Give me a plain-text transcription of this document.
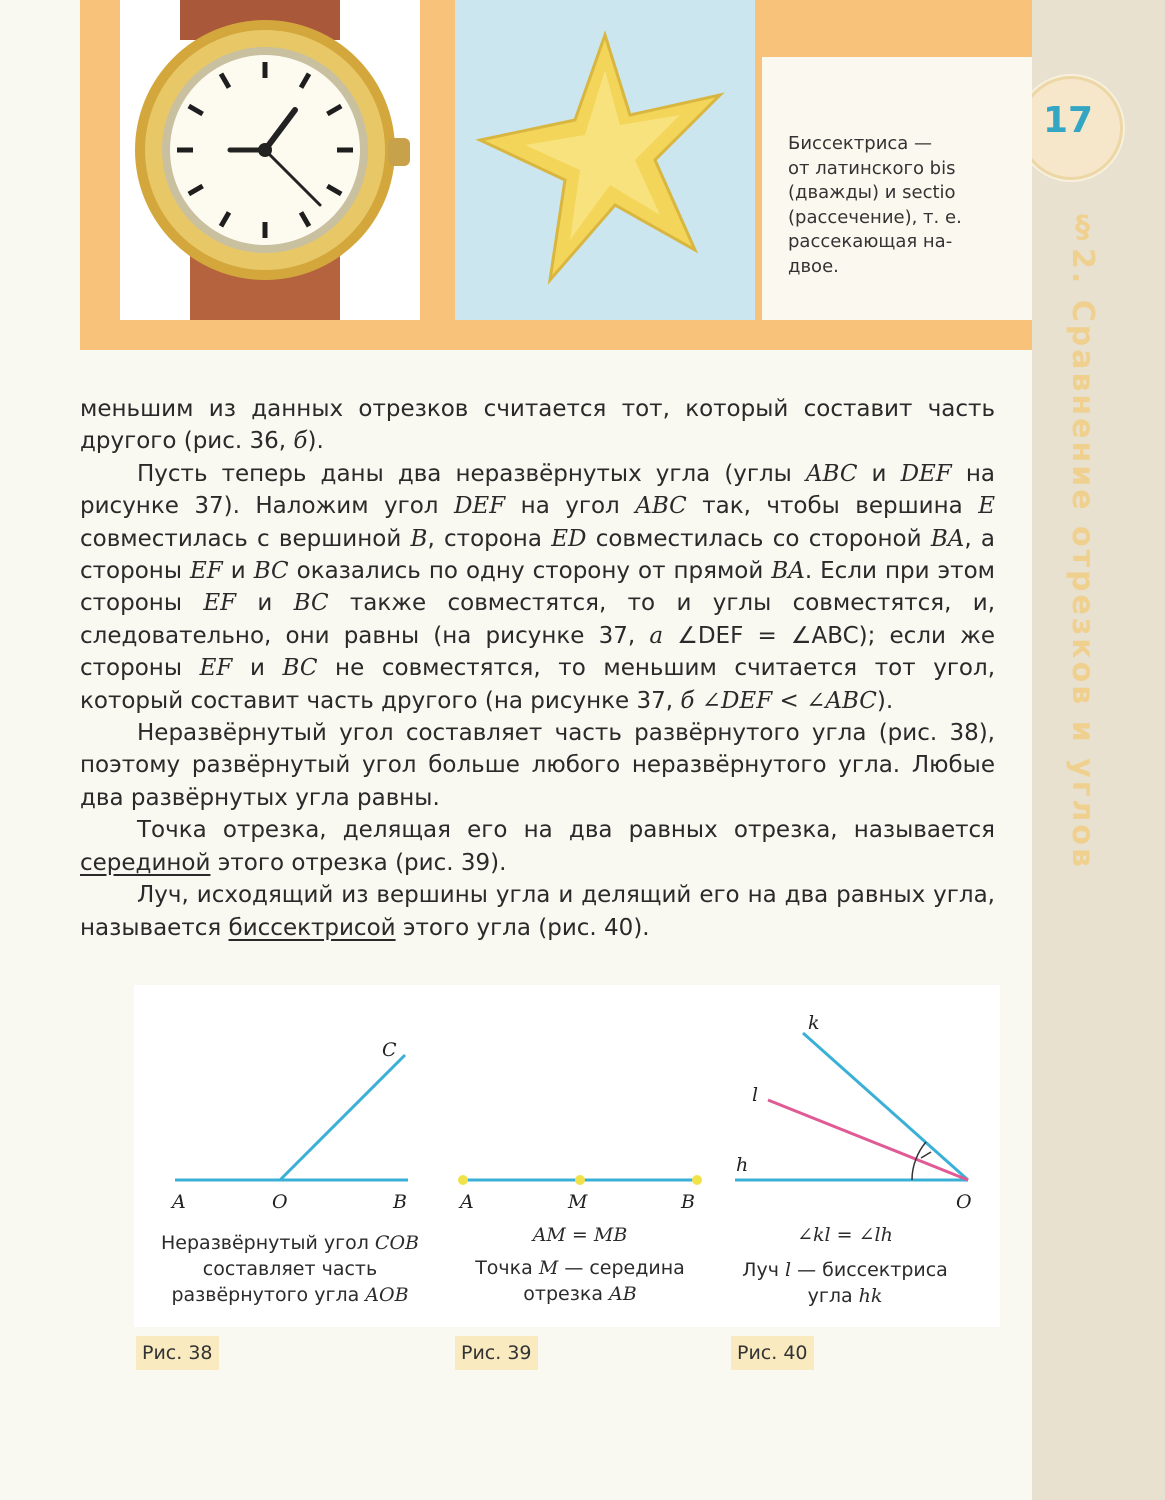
17
§2. Сравнение отрезков и углов
Биссектриса —
от латинского bis
(дважды) и sectio
(рассечение), т. е.
рассекающая на-
двое.

меньшим из данных отрезков считается тот, который составит часть другого (рис. 36, б).

Пусть теперь даны два неразвёрнутых угла (углы ABC и DEF на рисунке 37). Наложим угол DEF на угол ABC так, чтобы вершина E совместилась с вершиной B, сторона ED совместилась со стороной BA, а стороны EF и BC оказались по одну сторону от прямой BA. Если при этом стороны EF и BC также совместятся, то и углы совместятся, и, следовательно, они равны (на рисунке 37, а ∠DEF = ∠ABC); если же стороны EF и BC не совместятся, то меньшим считается тот угол, который составит часть другого (на рисунке 37, б ∠DEF < ∠ABC).

Неразвёрнутый угол составляет часть развёрнутого угла (рис. 38), поэтому развёрнутый угол больше любого неразвёрнутого угла. Любые два развёрнутых угла равны.

Точка отрезка, делящая его на два равных отрезка, называется серединой этого отрезка (рис. 39).

Луч, исходящий из вершины угла и делящий его на два равных угла, называется биссектрисой этого угла (рис. 40).

A	O	B
C
Неразвёрнутый угол COB составляет часть развёрнутого угла AOB
Рис. 38
A	M	B
AM = MB
Точка M — середина отрезка AB
Рис. 39
k
l
h
O
∠kl = ∠lh
Луч l — биссектриса угла hk
Рис. 40
